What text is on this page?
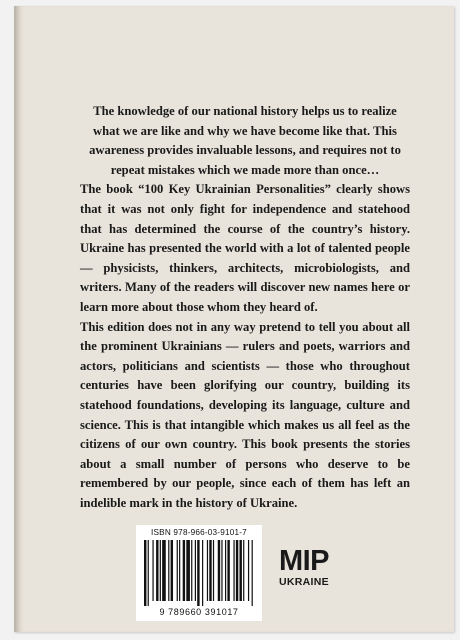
The knowledge of our national history helps us to realize what we are like and why we have become like that. This awareness provides invaluable lessons, and requires not to repeat mistakes which we made more than once…

The book “100 Key Ukrainian Personalities” clearly shows that it was not only fight for independence and statehood that has determined the course of the country’s history. Ukraine has presented the world with a lot of talented people — physicists, thinkers, architects, microbiologists, and writers. Many of the readers will discover new names here or learn more about those whom they heard of.

This edition does not in any way pretend to tell you about all the prominent Ukrainians — rulers and poets, warriors and actors, politicians and scientists — those who throughout centuries have been glorifying our country, building its statehood foundations, developing its language, culture and science. This is that intangible which makes us all feel as the citizens of our own country. This book presents the stories about a small number of persons who deserve to be remembered by our people, since each of them has left an indelible mark in the history of Ukraine.

ISBN 978-966-03-9101-7
9 789660 391017
MIP
UKRAINE
